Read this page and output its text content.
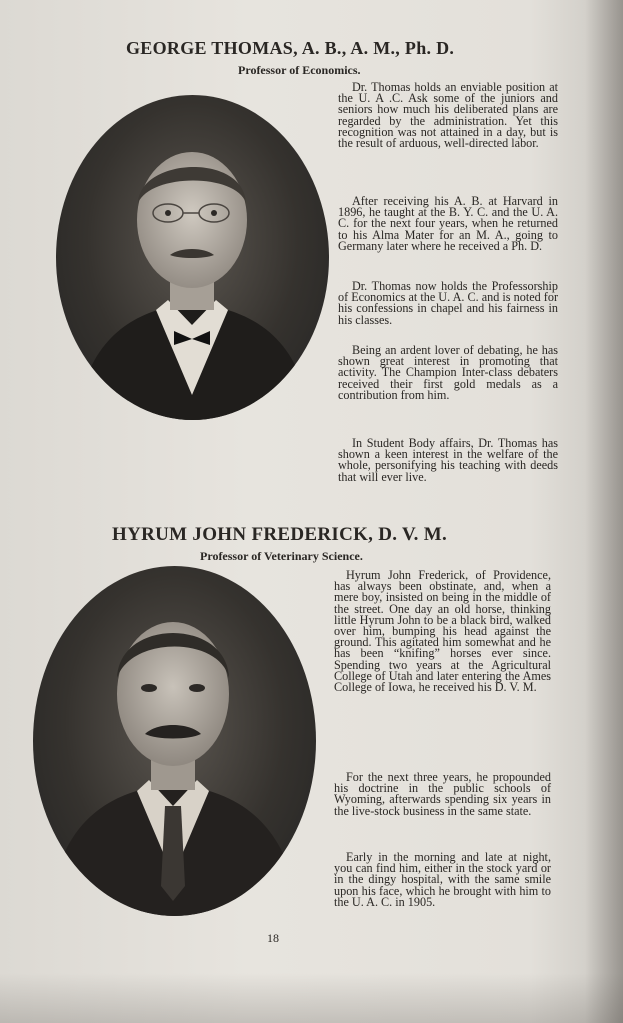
GEORGE THOMAS, A. B., A. M., Ph. D.
Professor of Economics.

Dr. Thomas holds an enviable position at the U. A .C. Ask some of the juniors and seniors how much his deliberated plans are regarded by the administration. Yet this recognition was not attained in a day, but is the result of arduous, well-directed labor.

After receiving his A. B. at Harvard in 1896, he taught at the B. Y. C. and the U. A. C. for the next four years, when he returned to his Alma Mater for an M. A., going to Germany later where he received a Ph. D.

Dr. Thomas now holds the Professorship of Economics at the U. A. C. and is noted for his confessions in chapel and his fairness in his classes.

Being an ardent lover of debating, he has shown great interest in promoting that activity. The Champion Inter-class debaters received their first gold medals as a contribution from him.

In Student Body affairs, Dr. Thomas has shown a keen interest in the welfare of the whole, personifying his teaching with deeds that will ever live.

HYRUM JOHN FREDERICK, D. V. M.
Professor of Veterinary Science.

Hyrum John Frederick, of Providence, has always been obstinate, and, when a mere boy, insisted on being in the middle of the street. One day an old horse, thinking little Hyrum John to be a black bird, walked over him, bumping his head against the ground. This agitated him somewhat and he has been “knifing” horses ever since. Spending two years at the Agricultural College of Utah and later entering the Ames College of Iowa, he received his D. V. M.

For the next three years, he propounded his doctrine in the public schools of Wyoming, afterwards spending six years in the live-stock business in the same state.

Early in the morning and late at night, you can find him, either in the stock yard or in the dingy hospital, with the same smile upon his face, which he brought with him to the U. A. C. in 1905.

18
